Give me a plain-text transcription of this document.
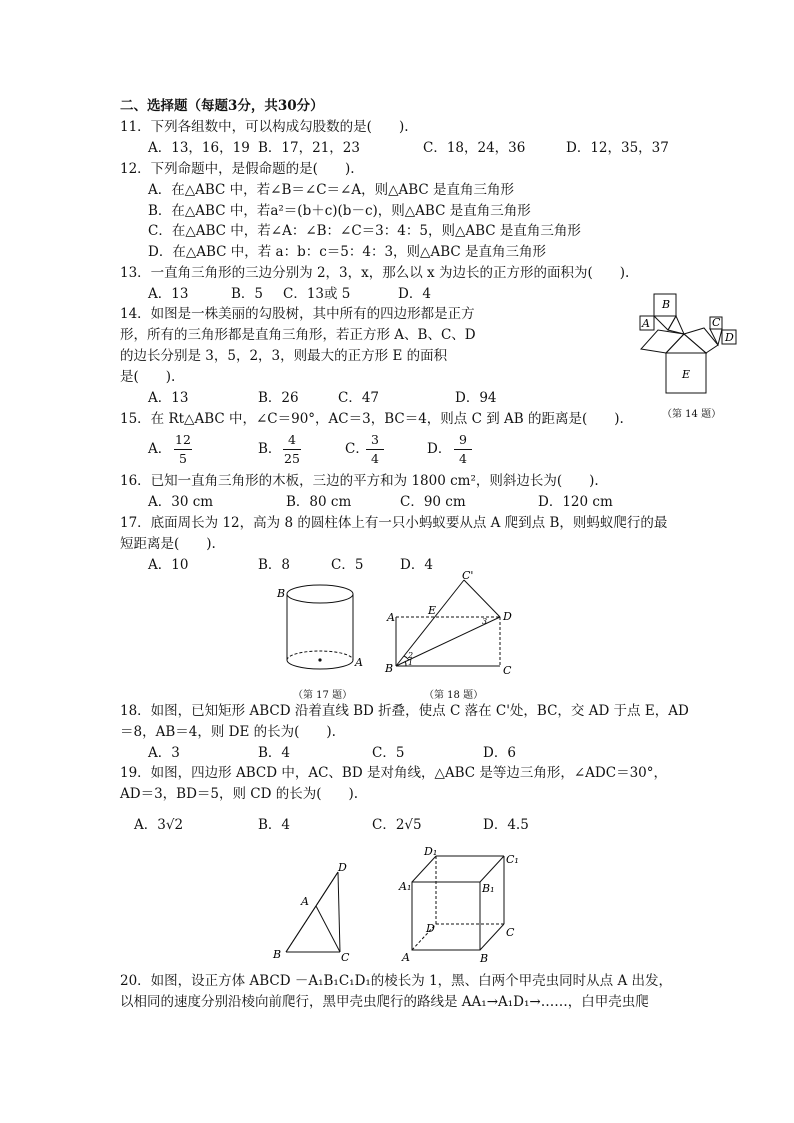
二、选择题（每题3分，共30分）
11．下列各组数中，可以构成勾股数的是(　　).
A．13，16，19 B．17，21，23	C．18，24，36	D．12，35，37
12．下列命题中，是假命题的是(　　).
A．在△ABC 中，若∠B＝∠C＝∠A，则△ABC 是直角三角形
B．在△ABC 中，若a²＝(b＋c)(b－c)，则△ABC 是直角三角形
C．在△ABC 中，若∠A：∠B：∠C＝3：4：5，则△ABC 是直角三角形
D．在△ABC 中，若 a：b：c＝5：4：3，则△ABC 是直角三角形
13．一直角三角形的三边分别为 2，3，x，那么以 x 为边长的正方形的面积为(　　).
A．13	B．5 C．13或 5	D．4
14．如图是一株美丽的勾股树，其中所有的四边形都是正方
形，所有的三角形都是直角三角形，若正方形 A、B、C、D
的边长分别是 3，5，2，3，则最大的正方形 E 的面积
是(　　).
A．13	B．26	C．47	D．94
B
A	C
D
E
（第 14 题）
15．在 Rt△ABC 中，∠C＝90°，AC＝3，BC＝4，则点 C 到 AB 的距离是(　　).
A． $\frac{12}{5}$	B． $\frac{4}{25}$	C．
$\frac{3}{4}$	D． $\frac{9}{4}$
16．已知一直角三角形的木板，三边的平方和为 1800 cm²，则斜边长为(　　).
A．30 cm	B．80 cm	C．90 cm	D．120 cm
17．底面周长为 12，高为 8 的圆柱体上有一只小蚂蚁要从点 A 爬到点 B，则蚂蚁爬行的最
短距离是(　　).
A．10	B．8	C．5	D．4
B
A
（第 17 题）
A
B	C
C'
D
E
2
1
3
（第 18 题）
18．如图，已知矩形 ABCD 沿着直线 BD 折叠，使点 C 落在 C'处，BC，交 AD 于点 E，AD
＝8，AB＝4，则 DE 的长为(　　).
A．3	B．4	C．5	D．6
19．如图，四边形 ABCD 中，AC、BD 是对角线，△ABC 是等边三角形，∠ADC＝30°，
AD＝3，BD＝5，则 CD 的长为(　　).
A．3√2	B．4	C．2√5	D．4.5
D
A
B	C
D₁
C₁
A₁	B₁
D	C
A	B
20．如图，设正方体 ABCD －A₁B₁C₁D₁的棱长为 1，黑、白两个甲壳虫同时从点 A 出发，
以相同的速度分别沿棱向前爬行，黑甲壳虫爬行的路线是 AA₁→A₁D₁→……，白甲壳虫爬
